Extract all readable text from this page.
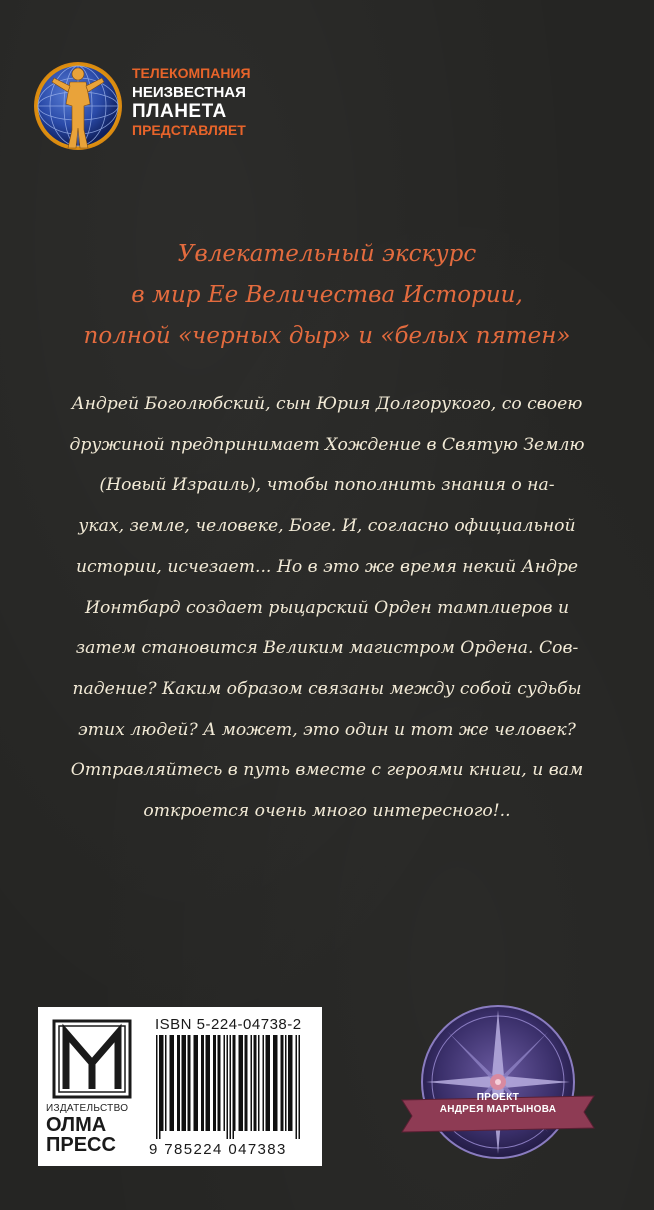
ТЕЛЕКОМПАНИЯ
НЕИЗВЕСТНАЯ
ПЛАНЕТА
ПРЕДСТАВЛЯЕТ
Увлекательный экскурс
в мир Ее Величества Истории,
полной «черных дыр» и «белых пятен»
Андрей Боголюбский, сын Юрия Долгорукого, со своею
дружиной предпринимает Хождение в Святую Землю
(Новый Израиль), чтобы пополнить знания о на-
уках, земле, человеке, Боге. И, согласно официальной
истории, исчезает... Но в это же время некий Андре
Ионтбард создает рыцарский Орден тамплиеров и
затем становится Великим магистром Ордена. Сов-
падение? Каким образом связаны между собой судьбы
этих людей? А может, это один и тот же человек?
Отправляйтесь в путь вместе с героями книги, и вам
откроется очень много интересного!..
ИЗДАТЕЛЬСТВО
ОЛМА
ПРЕСС
ISBN 5-224-04738-2
9 785224 047383
ПРОЕКТ
АНДРЕЯ МАРТЫНОВА
